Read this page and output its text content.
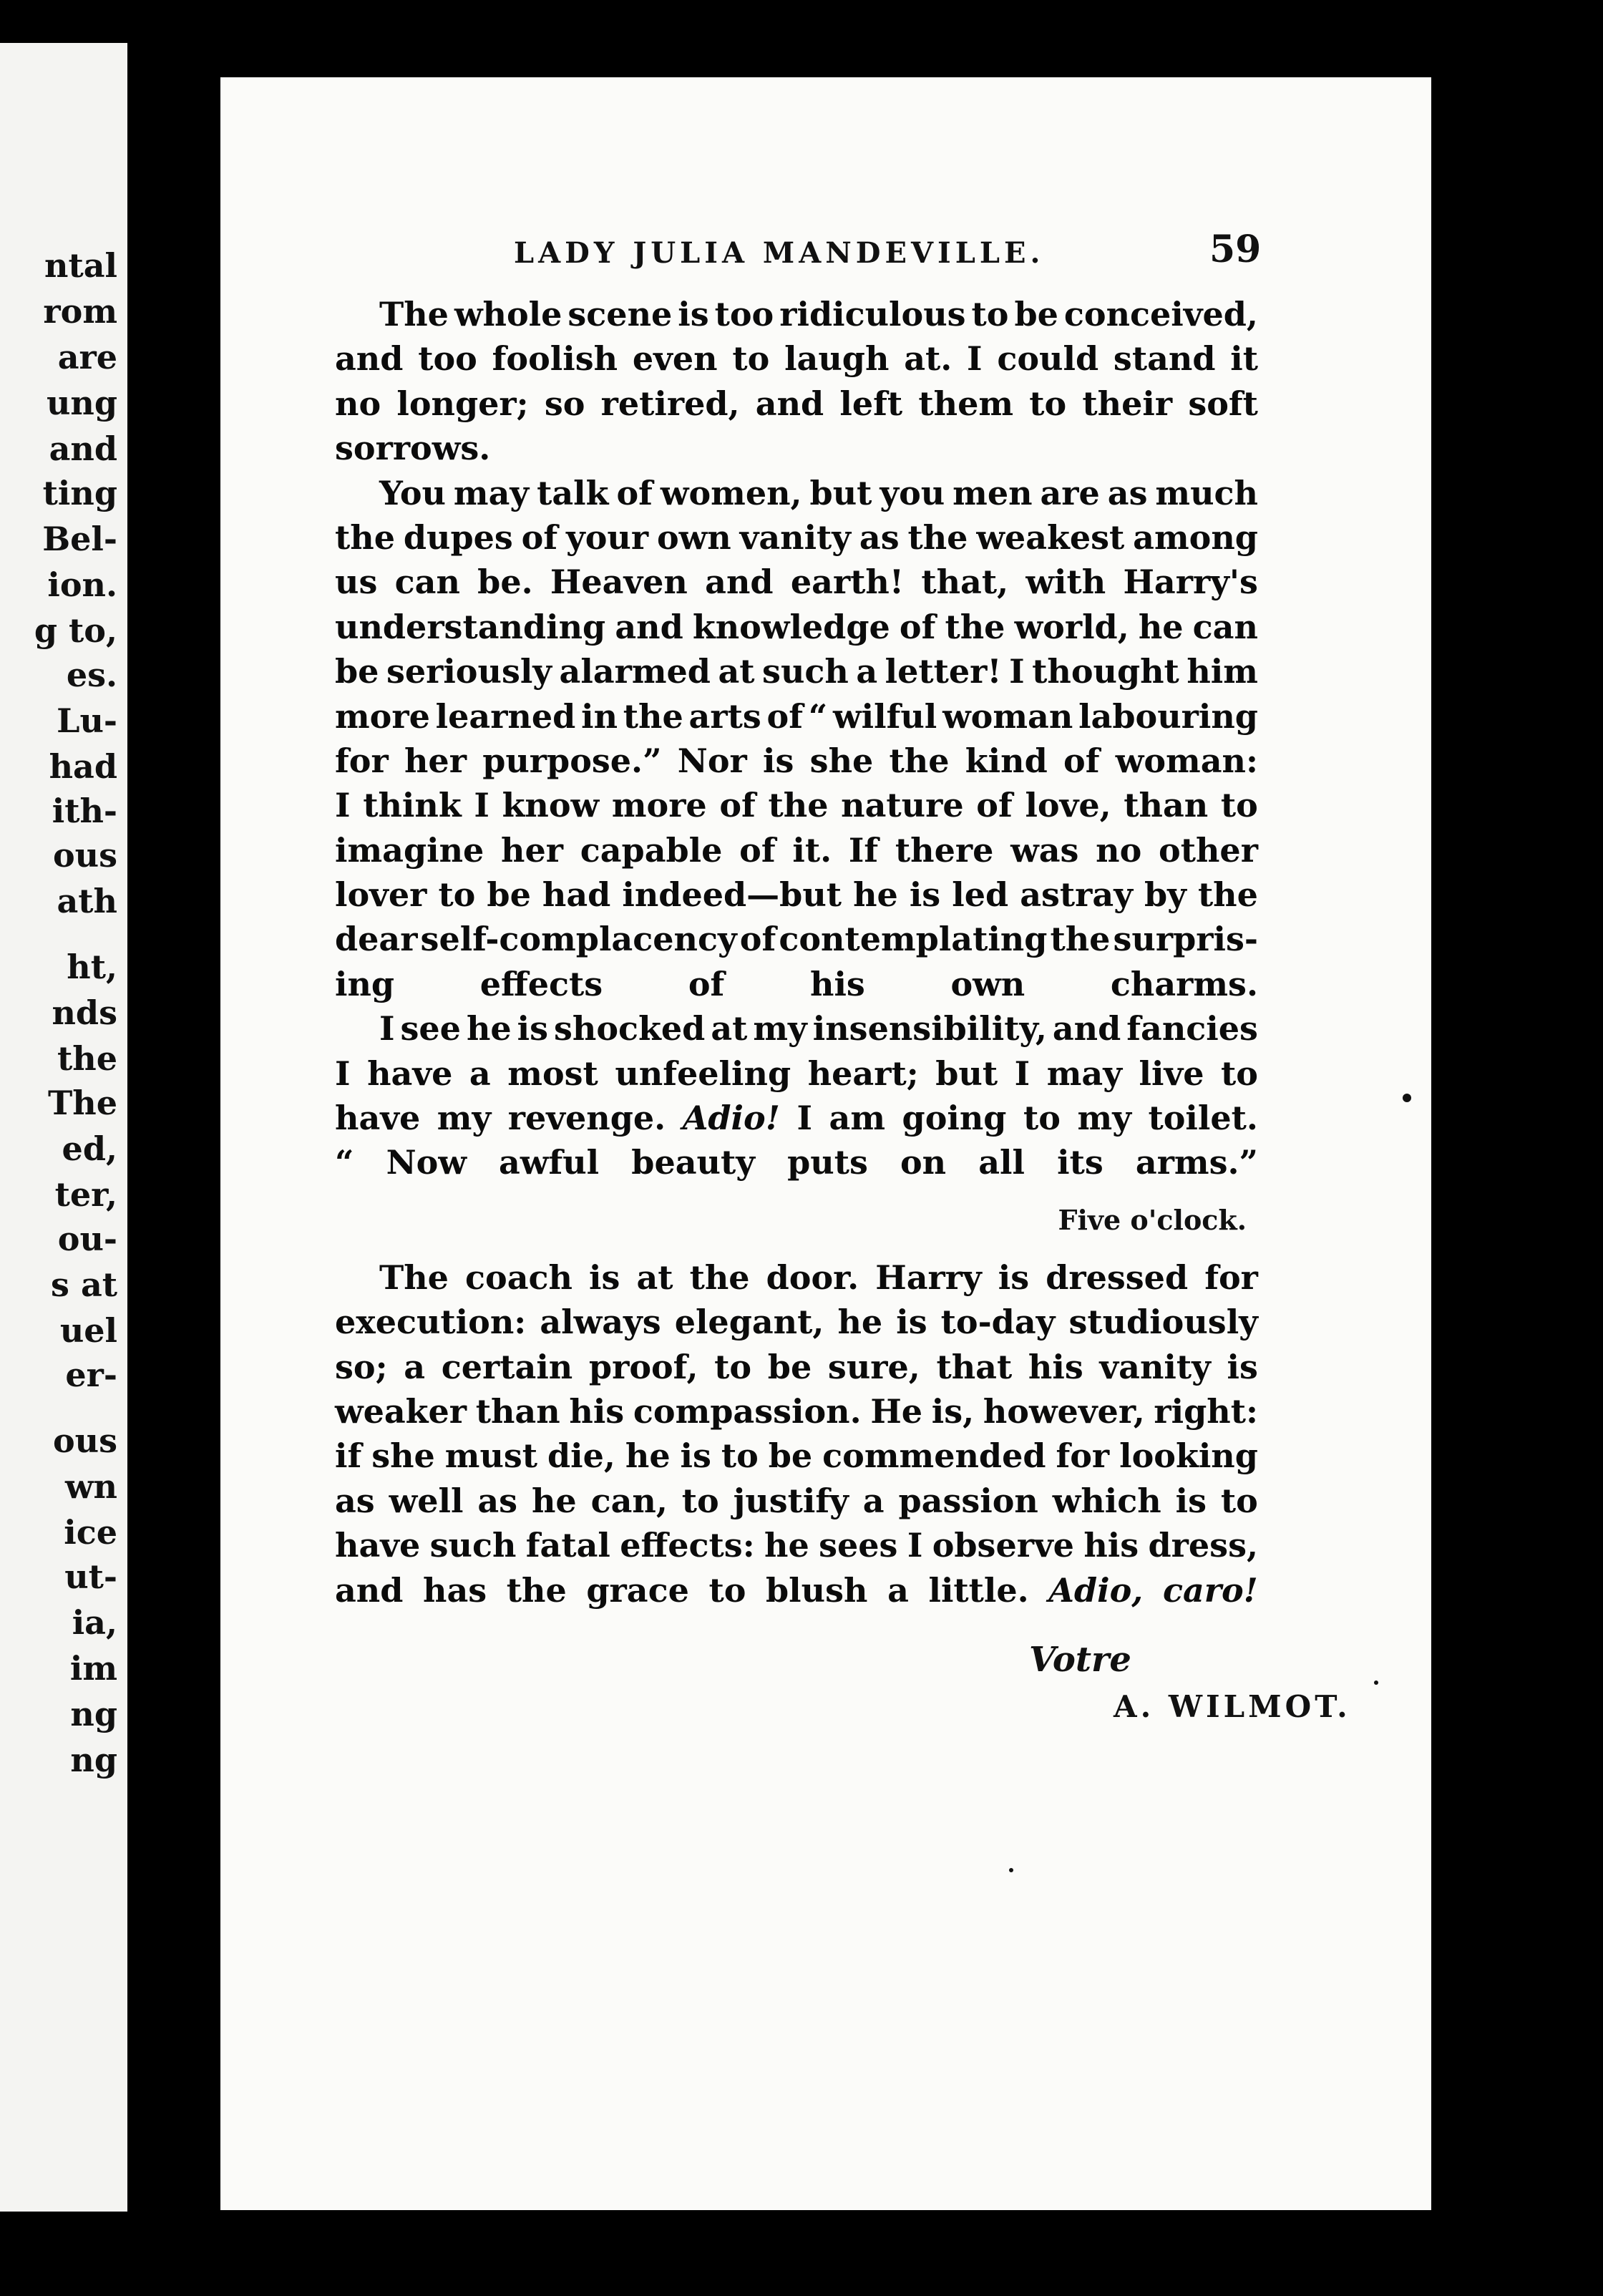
ntal
rom
are
ung
and
ting
Bel-
ion.
g to,
es.
Lu-
had
ith-
ous
ath
ht,
nds
the
The
ed,
ter,
ou-
s at
uel
er-
ous
wn
ice
ut-
ia,
im
ng
ng
LADY JULIA MANDEVILLE.	59
The whole scene is too ridiculous to be conceived,
and too foolish even to laugh at. I could stand it
no longer; so retired, and left them to their soft
sorrows.
You may talk of women, but you men are as much
the dupes of your own vanity as the weakest among
us can be. Heaven and earth! that, with Harry's
understanding and knowledge of the world, he can
be seriously alarmed at such a letter! I thought him
more learned in the arts of “ wilful woman labouring
for her purpose.” Nor is she the kind of woman:
I think I know more of the nature of love, than to
imagine her capable of it. If there was no other
lover to be had indeed—but he is led astray by the
dear self-complacency of contemplating the surpris-
ing	effects	of	his	own	charms.
I see he is shocked at my insensibility, and fancies
I have a most unfeeling heart; but I may live to
have my revenge. Adio! I am going to my toilet.
“ Now awful beauty puts on all its arms.”
Five o'clock.
The coach is at the door. Harry is dressed for
execution: always elegant, he is to-day studiously
so; a certain proof, to be sure, that his vanity is
weaker than his compassion. He is, however, right:
if she must die, he is to be commended for looking
as well as he can, to justify a passion which is to
have such fatal effects: he sees I observe his dress,
and has the grace to blush a little. Adio, caro!
Votre
A. WILMOT.
